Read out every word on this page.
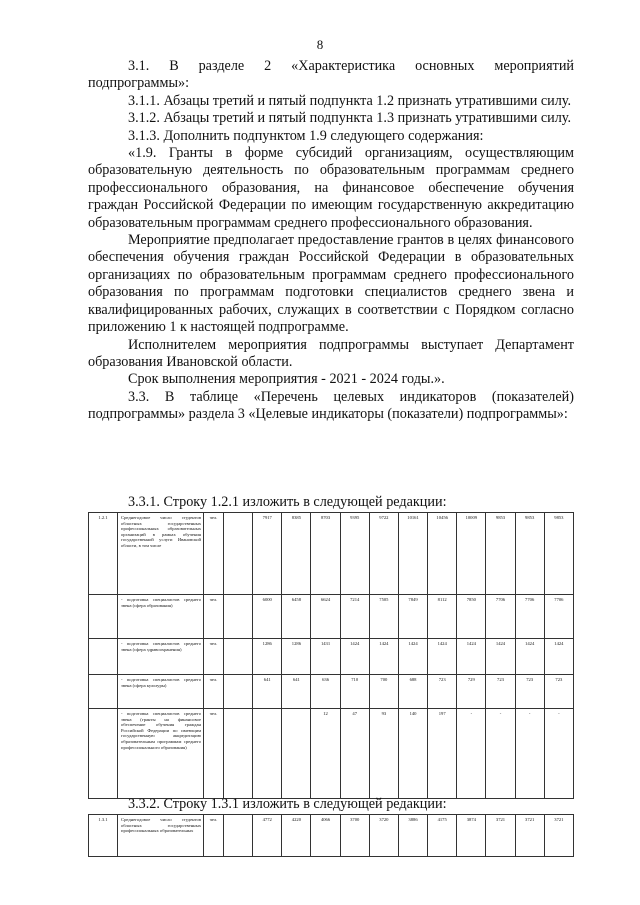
8

3.1. В разделе 2 «Характеристика основных мероприятий подпрограммы»:

3.1.1. Абзацы третий и пятый подпункта 1.2 признать утратившими силу.

3.1.2. Абзацы третий и пятый подпункта 1.3 признать утратившими силу.

3.1.3. Дополнить подпунктом 1.9 следующего содержания:

«1.9. Гранты в форме субсидий организациям, осуществляющим образовательную деятельность по образовательным программам среднего профессионального образования, на финансовое обеспечение обучения граждан Российской Федерации по имеющим государственную аккредитацию образовательным программам среднего профессионального образования.

Мероприятие предполагает предоставление грантов в целях финансового обеспечения обучения граждан Российской Федерации в образовательных организациях по образовательным программам среднего профессионального образования по программам подготовки специалистов среднего звена и квалифицированных рабочих, служащих в соответствии с Порядком согласно приложению 1 к настоящей подпрограмме.

Исполнителем мероприятия подпрограммы выступает Департамент образования Ивановской области.

Срок выполнения мероприятия - 2021 - 2024 годы.».

3.3. В таблице «Перечень целевых индикаторов (показателей) подпрограммы» раздела 3 «Целевые индикаторы (показатели) подпрограммы»:

3.3.1. Строку 1.2.1 изложить в следующей редакции:
1.2.1	Среднегодовое число студентов областных государственных профессиональных образовательных организаций в рамках обучения государственной услуги Ивановской области, в том числе	чел.		7917	8385	8703	9395	9722	10161	10456	10009	9853	9853	9853
	- подготовка специалистов среднего звена (сфера образования)	чел.		6000	6458	6624	7214	7505	7849	8112	7850	7706	7706	7706
	- подготовка специалистов среднего звена (сфера здравоохранения)	чел.		1286	1286	1431	1424	1424	1424	1424	1424	1424	1424	1424
	- подготовка специалистов среднего звена (сфера культуры)	чел.		641	641	636	710	700	688	723	729	723	723	723
	- подготовка специалистов среднего звена (гранты на финансовое обеспечение обучения граждан Российской Федерации по имеющим государственную аккредитацию образовательным программам среднего профессионального образования)	чел.				12	47	93	140	197	-	-	-	-
3.3.2. Строку 1.3.1 изложить в следующей редакции:
1.3.1	Среднегодовое число студентов областных государственных профессиональных образовательных	чел.		4772	4220	4066	3700	3720	3886	4175	3874	3721	3721	3721
